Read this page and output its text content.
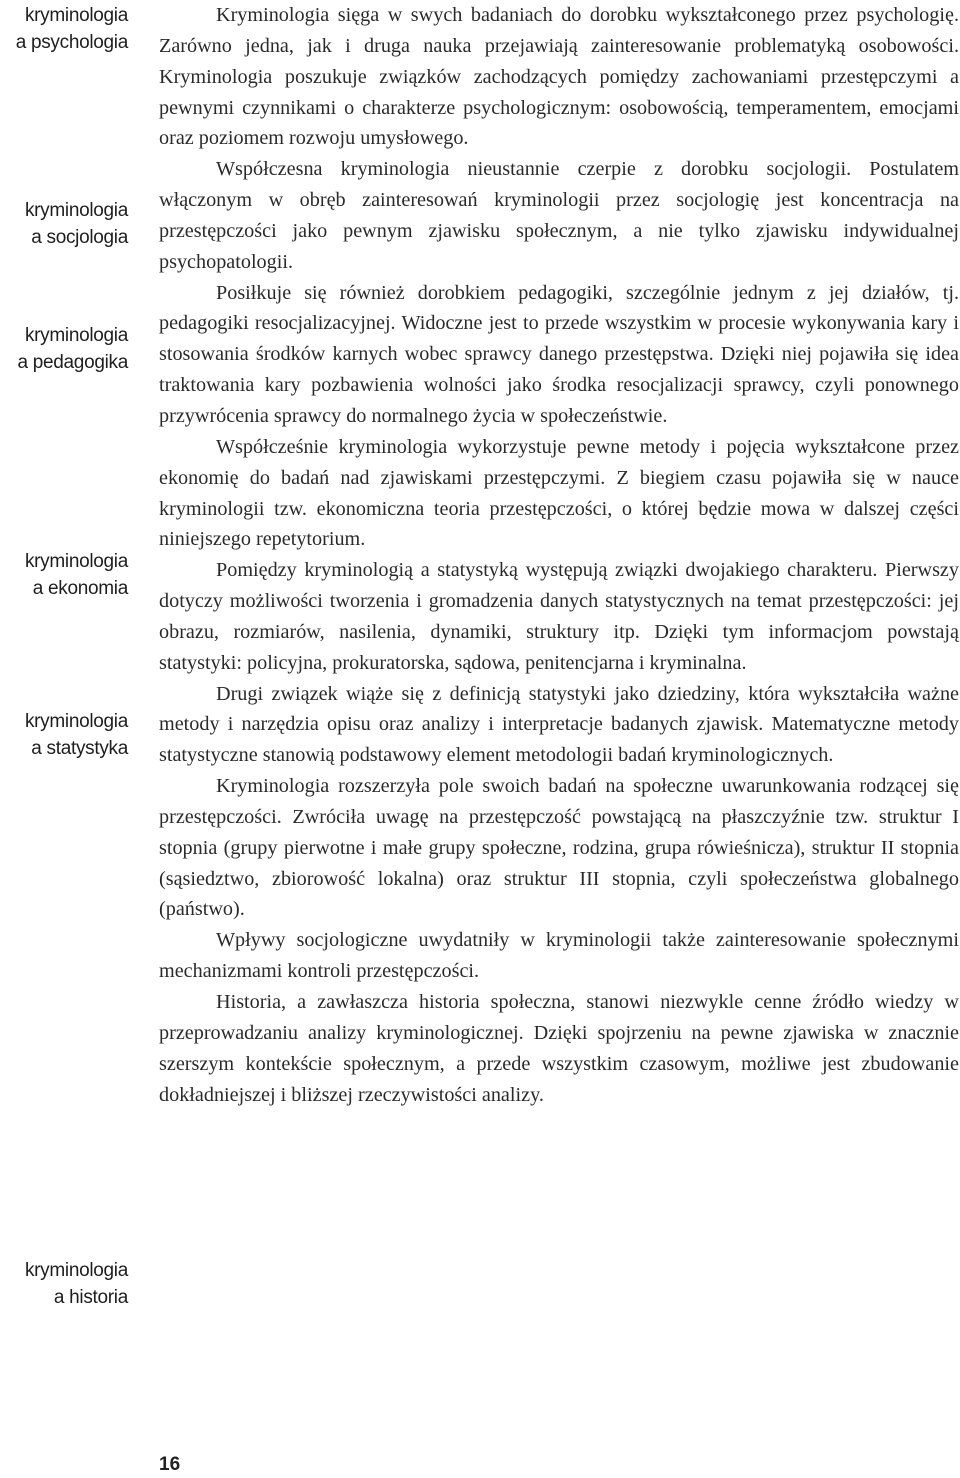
kryminologia
a psychologia
kryminologia
a socjologia
kryminologia
a pedagogika
kryminologia
a ekonomia
kryminologia
a statystyka
kryminologia
a historia

Kryminologia sięga w swych badaniach do dorobku wykształconego przez psychologię. Zarówno jedna, jak i druga nauka przejawiają zainteresowanie problematyką osobowości. Kryminologia poszukuje związków zachodzących pomiędzy zachowaniami przestępczymi a pewnymi czynnikami o charakterze psychologicznym: osobowością, temperamentem, emocjami oraz poziomem rozwoju umysłowego.

Współczesna kryminologia nieustannie czerpie z dorobku socjologii. Postulatem włączonym w obręb zainteresowań kryminologii przez socjologię jest koncentracja na przestępczości jako pewnym zjawisku społecznym, a nie tylko zjawisku indywidualnej psychopatologii.

Posiłkuje się również dorobkiem pedagogiki, szczególnie jednym z jej działów, tj. pedagogiki resocjalizacyjnej. Widoczne jest to przede wszystkim w procesie wykonywania kary i stosowania środków karnych wobec sprawcy danego przestępstwa. Dzięki niej pojawiła się idea traktowania kary pozbawienia wolności jako środka resocjalizacji sprawcy, czyli ponownego przywrócenia sprawcy do normalnego życia w społeczeństwie.

Współcześnie kryminologia wykorzystuje pewne metody i pojęcia wykształcone przez ekonomię do badań nad zjawiskami przestępczymi. Z biegiem czasu pojawiła się w nauce kryminologii tzw. ekonomiczna teoria przestępczości, o której będzie mowa w dalszej części niniejszego repetytorium.

Pomiędzy kryminologią a statystyką występują związki dwojakiego charakteru. Pierwszy dotyczy możliwości tworzenia i gromadzenia danych statystycznych na temat przestępczości: jej obrazu, rozmiarów, nasilenia, dynamiki, struktury itp. Dzięki tym informacjom powstają statystyki: policyjna, prokuratorska, sądowa, penitencjarna i kryminalna.

Drugi związek wiąże się z definicją statystyki jako dziedziny, która wykształciła ważne metody i narzędzia opisu oraz analizy i interpretacje badanych zjawisk. Matematyczne metody statystyczne stanowią podstawowy element metodologii badań kryminologicznych.

Kryminologia rozszerzyła pole swoich badań na społeczne uwarunkowania rodzącej się przestępczości. Zwróciła uwagę na przestępczość powstającą na płaszczyźnie tzw. struktur I stopnia (grupy pierwotne i małe grupy społeczne, rodzina, grupa rówieśnicza), struktur II stopnia (sąsiedztwo, zbiorowość lokalna) oraz struktur III stopnia, czyli społeczeństwa globalnego (państwo).

Wpływy socjologiczne uwydatniły w kryminologii także zainteresowanie społecznymi mechanizmami kontroli przestępczości.

Historia, a zawłaszcza historia społeczna, stanowi niezwykle cenne źródło wiedzy w przeprowadzaniu analizy kryminologicznej. Dzięki spojrzeniu na pewne zjawiska w znacznie szerszym kontekście społecznym, a przede wszystkim czasowym, możliwe jest zbudowanie dokładniejszej i bliższej rzeczywistości analizy.

16
